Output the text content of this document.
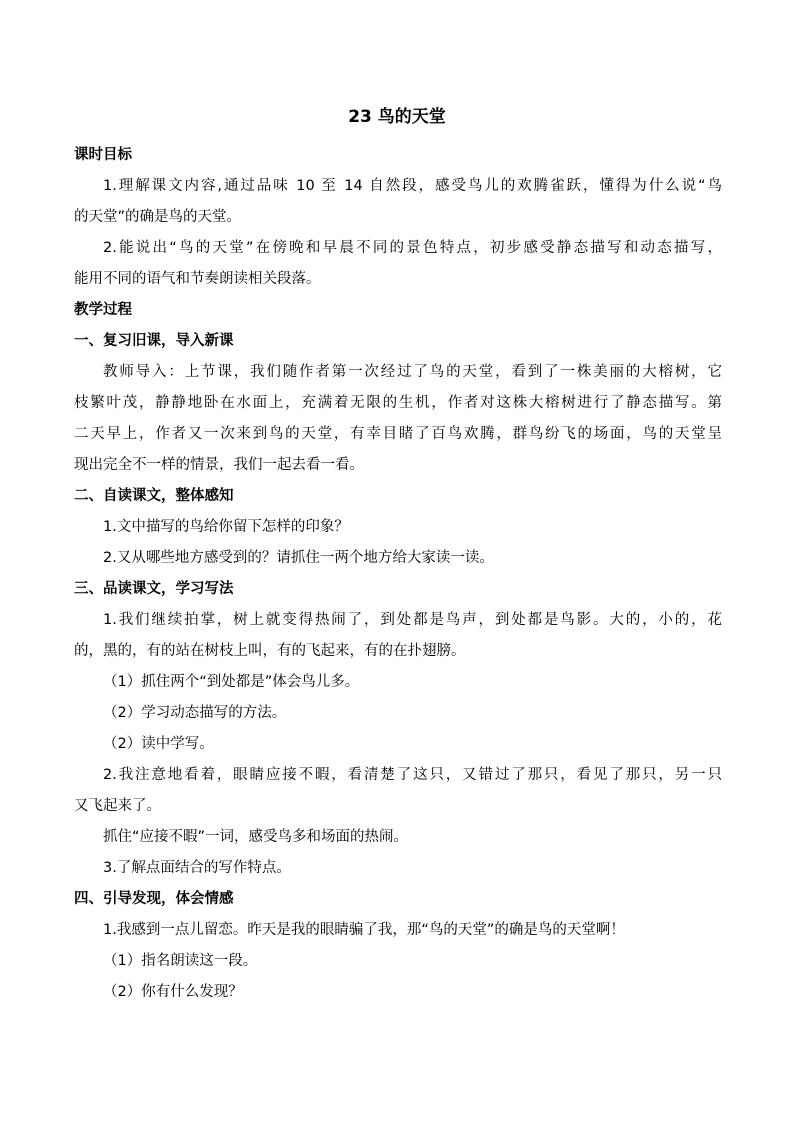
23 鸟的天堂
课时目标
1.理解课文内容,通过品味 10 至 14 自然段，感受鸟儿的欢腾雀跃，懂得为什么说“鸟
的天堂”的确是鸟的天堂。
2.能说出“鸟的天堂”在傍晚和早晨不同的景色特点，初步感受静态描写和动态描写，
能用不同的语气和节奏朗读相关段落。
教学过程
一、复习旧课，导入新课
教师导入：上节课，我们随作者第一次经过了鸟的天堂，看到了一株美丽的大榕树，它
枝繁叶茂，静静地卧在水面上，充满着无限的生机，作者对这株大榕树进行了静态描写。第
二天早上，作者又一次来到鸟的天堂，有幸目睹了百鸟欢腾，群鸟纷飞的场面，鸟的天堂呈
现出完全不一样的情景，我们一起去看一看。
二、自读课文，整体感知
1.文中描写的鸟给你留下怎样的印象？
2.又从哪些地方感受到的？请抓住一两个地方给大家读一读。
三、品读课文，学习写法
1.我们继续拍掌，树上就变得热闹了，到处都是鸟声，到处都是鸟影。大的，小的，花
的，黑的，有的站在树枝上叫，有的飞起来，有的在扑翅膀。
（1）抓住两个“到处都是”体会鸟儿多。
（2）学习动态描写的方法。
（2）读中学写。
2.我注意地看着，眼睛应接不暇，看清楚了这只，又错过了那只，看见了那只，另一只
又飞起来了。
抓住“应接不暇”一词，感受鸟多和场面的热闹。
3.了解点面结合的写作特点。
四、引导发现，体会情感
1.我感到一点儿留恋。昨天是我的眼睛骗了我，那“鸟的天堂”的确是鸟的天堂啊！
（1）指名朗读这一段。
（2）你有什么发现？
